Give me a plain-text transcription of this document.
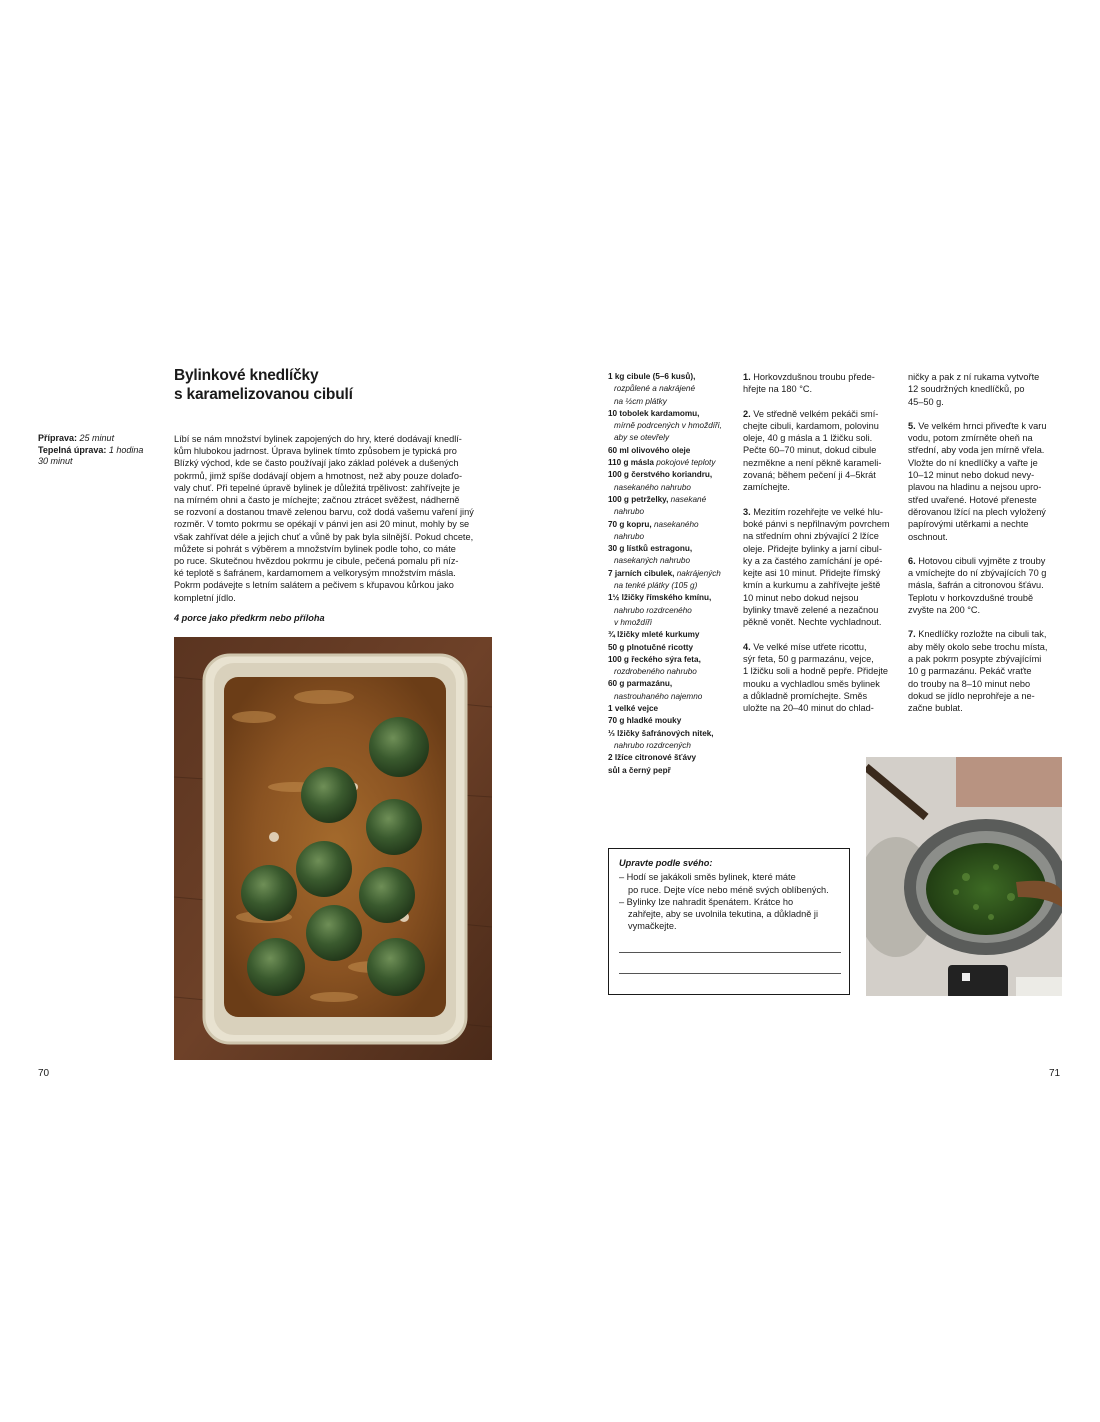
Bylinkové knedlíčky
s karamelizovanou cibulí
Příprava: 25 minut
Tepelná úprava: 1 hodina
30 minut
Líbí se nám množství bylinek zapojených do hry, které dodávají knedlí-
kům hlubokou jadrnost. Úprava bylinek tímto způsobem je typická pro
Blízký východ, kde se často používají jako základ polévek a dušených
pokrmů, jimž spíše dodávají objem a hmotnost, než aby pouze dolaďo-
valy chuť. Při tepelné úpravě bylinek je důležitá trpělivost: zahřívejte je
na mírném ohni a často je míchejte; začnou ztrácet svěžest, nádherně
se rozvoní a dostanou tmavě zelenou barvu, což dodá vašemu vaření jiný
rozměr. V tomto pokrmu se opékají v pánvi jen asi 20 minut, mohly by se
však zahřívat déle a jejich chuť a vůně by pak byla silnější. Pokud chcete,
můžete si pohrát s výběrem a množstvím bylinek podle toho, co máte
po ruce. Skutečnou hvězdou pokrmu je cibule, pečená pomalu při níz-
ké teplotě s šafránem, kardamomem a velkorysým množstvím másla.
Pokrm podávejte s letním salátem a pečivem s křupavou kůrkou jako
kompletní jídlo.
4 porce jako předkrm nebo příloha
1 kg cibule (5–6 kusů),
rozpůlené a nakrájené
na ½cm plátky
10 tobolek kardamomu,
mírně podrcených v hmoždíři,
aby se otevřely
60 ml olivového oleje
110 g másla pokojové teploty
100 g čerstvého koriandru,
nasekaného nahrubo
100 g petrželky, nasekané
nahrubo
70 g kopru, nasekaného
nahrubo
30 g lístků estragonu,
nasekaných nahrubo
7 jarních cibulek, nakrájených
na tenké plátky (105 g)
1½ lžičky římského kmínu,
nahrubo rozdrceného
v hmoždíři
¾ lžičky mleté kurkumy
50 g plnotučné ricotty
100 g řeckého sýra feta,
rozdrobeného nahrubo
60 g parmazánu,
nastrouhaného najemno
1 velké vejce
70 g hladké mouky
⅓ lžičky šafránových nitek,
nahrubo rozdrcených
2 lžíce citronové šťávy
sůl a černý pepř
1. Horkovzdušnou troubu přede-
hřejte na 180 °C.
2. Ve středně velkém pekáči smí-
chejte cibuli, kardamom, polovinu
oleje, 40 g másla a 1 lžičku soli.
Pečte 60–70 minut, dokud cibule
nezměkne a není pěkně karameli-
zovaná; během pečení ji 4–5krát
zamíchejte.
3. Mezitím rozehřejte ve velké hlu-
boké pánvi s nepřilnavým povrchem
na středním ohni zbývající 2 lžíce
oleje. Přidejte bylinky a jarní cibul-
ky a za častého zamíchání je opé-
kejte asi 10 minut. Přidejte římský
kmín a kurkumu a zahřívejte ještě
10 minut nebo dokud nejsou
bylinky tmavě zelené a nezačnou
pěkně vonět. Nechte vychladnout.
4. Ve velké míse utřete ricottu,
sýr feta, 50 g parmazánu, vejce,
1 lžičku soli a hodně pepře. Přidejte
mouku a vychladlou směs bylinek
a důkladně promíchejte. Směs
uložte na 20–40 minut do chlad-
ničky a pak z ní rukama vytvořte
12 soudržných knedlíčků, po
45–50 g.
5. Ve velkém hrnci přiveďte k varu
vodu, potom zmírněte oheň na
střední, aby voda jen mírně vřela.
Vložte do ní knedlíčky a vařte je
10–12 minut nebo dokud nevy-
plavou na hladinu a nejsou upro-
střed uvařené. Hotové přeneste
děrovanou lžící na plech vyložený
papírovými utěrkami a nechte
oschnout.
6. Hotovou cibuli vyjměte z trouby
a vmíchejte do ní zbývajících 70 g
másla, šafrán a citronovou šťávu.
Teplotu v horkovzdušné troubě
zvyšte na 200 °C.
7. Knedlíčky rozložte na cibuli tak,
aby měly okolo sebe trochu místa,
a pak pokrm posypte zbývajícími
10 g parmazánu. Pekáč vraťte
do trouby na 8–10 minut nebo
dokud se jídlo neprohřeje a ne-
začne bublat.
Upravte podle svého:
– Hodí se jakákoli směs bylinek, které máte
po ruce. Dejte více nebo méně svých oblíbených.
– Bylinky lze nahradit špenátem. Krátce ho
zahřejte, aby se uvolnila tekutina, a důkladně ji
vymačkejte.
70	71
